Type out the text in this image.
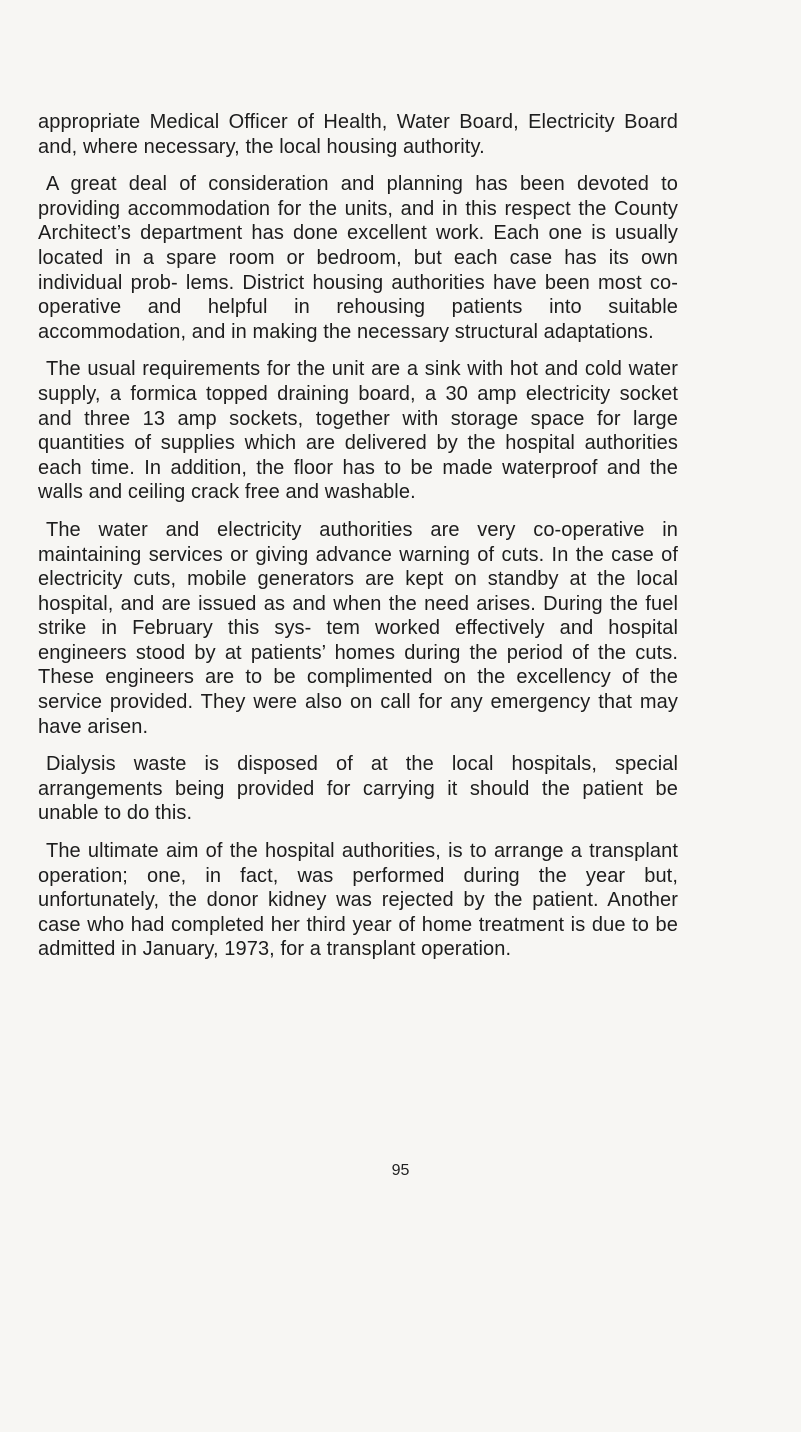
appropriate Medical Officer of Health, Water Board, Electricity Board and, where necessary, the local housing authority.

A great deal of consideration and planning has been devoted to providing accommodation for the units, and in this respect the County Architect’s department has done excellent work. Each one is usually located in a spare room or bedroom, but each case has its own individual prob- lems. District housing authorities have been most co- operative and helpful in rehousing patients into suitable accommodation, and in making the necessary structural adaptations.

The usual requirements for the unit are a sink with hot and cold water supply, a formica topped draining board, a 30 amp electricity socket and three 13 amp sockets, together with storage space for large quantities of supplies which are delivered by the hospital authorities each time. In addition, the floor has to be made waterproof and the walls and ceiling crack free and washable.

The water and electricity authorities are very co-operative in maintaining services or giving advance warning of cuts. In the case of electricity cuts, mobile generators are kept on standby at the local hospital, and are issued as and when the need arises. During the fuel strike in February this sys- tem worked effectively and hospital engineers stood by at patients’ homes during the period of the cuts. These engineers are to be complimented on the excellency of the service provided. They were also on call for any emergency that may have arisen.

Dialysis waste is disposed of at the local hospitals, special arrangements being provided for carrying it should the patient be unable to do this.

The ultimate aim of the hospital authorities, is to arrange a transplant operation; one, in fact, was performed during the year but, unfortunately, the donor kidney was rejected by the patient. Another case who had completed her third year of home treatment is due to be admitted in January, 1973, for a transplant operation.

95
